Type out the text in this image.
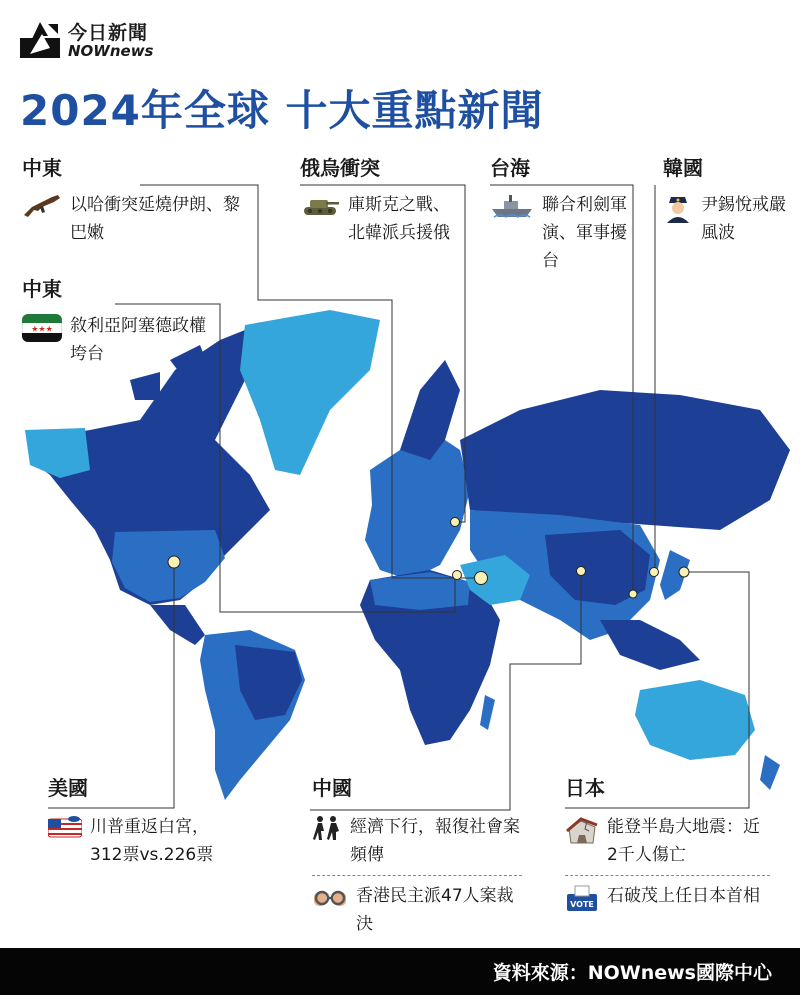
今日新聞
NOWnews
2024年全球 十大重點新聞
中東
以哈衝突延燒伊朗、黎巴嫩
俄烏衝突
庫斯克之戰、北韓派兵援俄
台海
聯合利劍軍演、軍事擾台
韓國
尹錫悅戒嚴風波
中東
★★★ 敘利亞阿塞德政權垮台
美國
川普重返白宮，312票vs.226票
中國
經濟下行，報復社會案頻傳
香港民主派47人案裁決
日本
能登半島大地震：近2千人傷亡
VOTE 石破茂上任日本首相
資料來源：NOWnews國際中心
